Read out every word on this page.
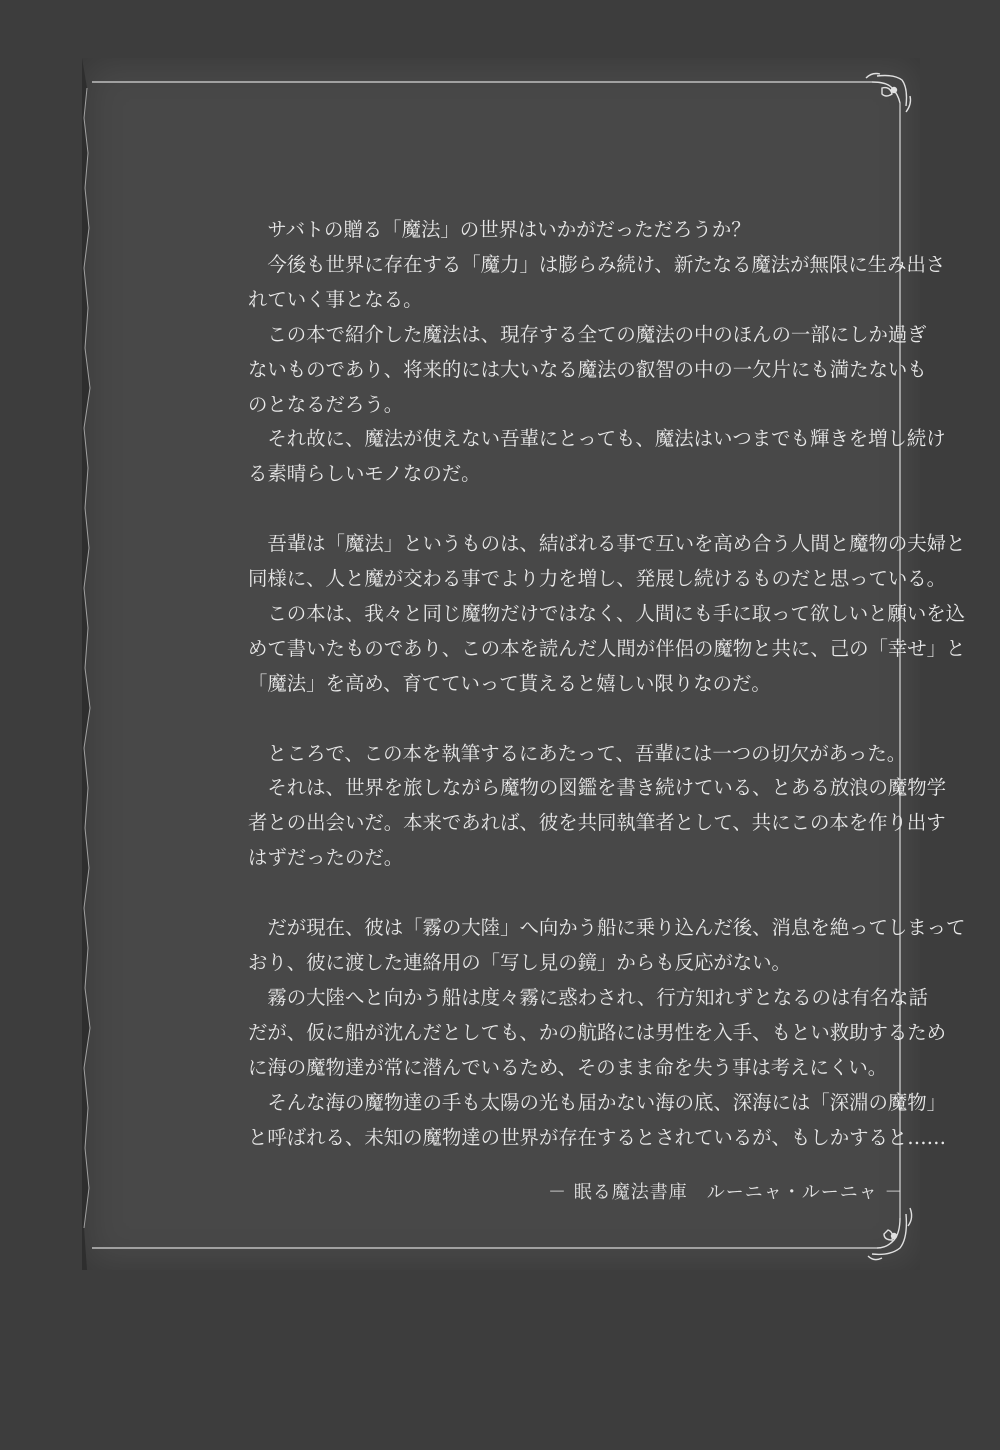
　サバトの贈る「魔法」の世界はいかがだっただろうか？

　今後も世界に存在する「魔力」は膨らみ続け、新たなる魔法が無限に生み出さ

れていく事となる。

　この本で紹介した魔法は、現存する全ての魔法の中のほんの一部にしか過ぎ

ないものであり、将来的には大いなる魔法の叡智の中の一欠片にも満たないも

のとなるだろう。

　それ故に、魔法が使えない吾輩にとっても、魔法はいつまでも輝きを増し続け

る素晴らしいモノなのだ。

　吾輩は「魔法」というものは、結ばれる事で互いを高め合う人間と魔物の夫婦と

同様に、人と魔が交わる事でより力を増し、発展し続けるものだと思っている。

　この本は、我々と同じ魔物だけではなく、人間にも手に取って欲しいと願いを込

めて書いたものであり、この本を読んだ人間が伴侶の魔物と共に、己の「幸せ」と

「魔法」を高め、育てていって貰えると嬉しい限りなのだ。

　ところで、この本を執筆するにあたって、吾輩には一つの切欠があった。

　それは、世界を旅しながら魔物の図鑑を書き続けている、とある放浪の魔物学

者との出会いだ。本来であれば、彼を共同執筆者として、共にこの本を作り出す

はずだったのだ。

　だが現在、彼は「霧の大陸」へ向かう船に乗り込んだ後、消息を絶ってしまって

おり、彼に渡した連絡用の「写し見の鏡」からも反応がない。

　霧の大陸へと向かう船は度々霧に惑わされ、行方知れずとなるのは有名な話

だが、仮に船が沈んだとしても、かの航路には男性を入手、もとい救助するため

に海の魔物達が常に潜んでいるため、そのまま命を失う事は考えにくい。

　そんな海の魔物達の手も太陽の光も届かない海の底、深海には「深淵の魔物」

と呼ばれる、未知の魔物達の世界が存在するとされているが、もしかすると……

－ 眠る魔法書庫　ルーニャ・ルーニャ －
